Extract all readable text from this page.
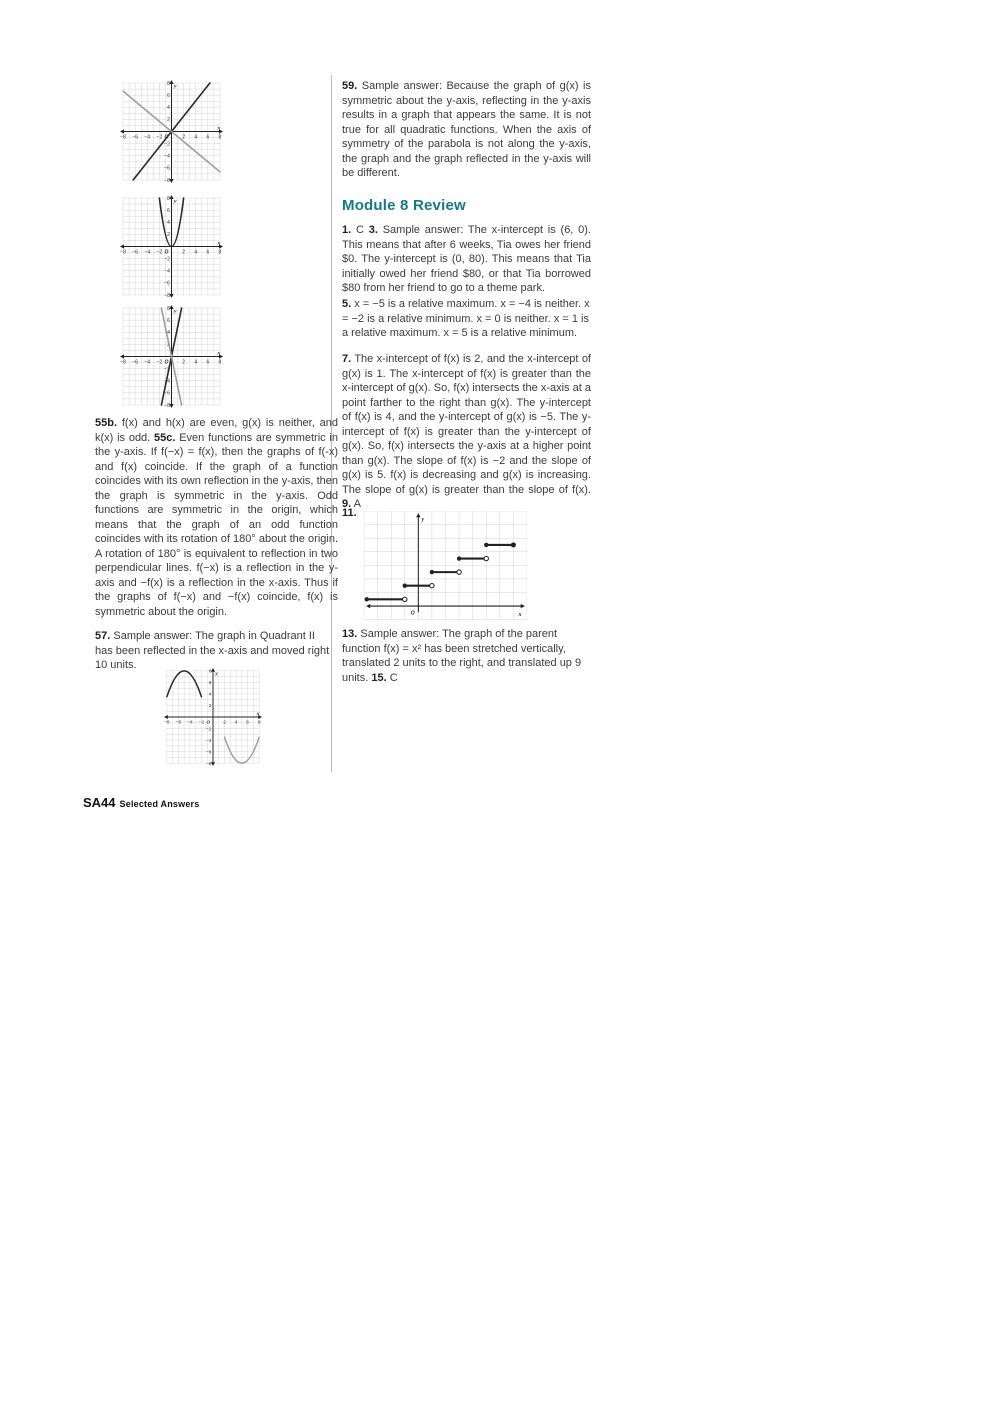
−8 −6 −4 −2	2 4 6 8
8
6
4
2
−2
−4
−6
−8
O
x
y
−8 −6 −4 −2	2 4 6 8
8
6
4
2
−2
−4
−6
−8
O
x
y
−8 −6 −4 −2	2 4 6 8
8
6
4
2
−2
−4
−6
−8
O
x
y

55b. f(x) and h(x) are even, g(x) is neither, and k(x) is odd. 55c. Even functions are symmetric in the y-axis. If f(−x) = f(x), then the graphs of f(-x) and f(x) coincide. If the graph of a function coincides with its own reflection in the y-axis, then the graph is symmetric in the y-axis. Odd functions are symmetric in the origin, which means that the graph of an odd function coincides with its rotation of 180° about the origin. A rotation of 180° is equivalent to reflection in two perpendicular lines. f(−x) is a reflection in the y-axis and −f(x) is a reflection in the x-axis. Thus if the graphs of f(−x) and −f(x) coincide, f(x) is symmetric about the origin.

57. Sample answer: The graph in Quadrant II has been reflected in the x-axis and moved right 10 units.

−8 −6 −4 −2	2 4 6 8
8
6
4
2
−2
−4
−6
−8
O
x
y
SA44 Selected Answers

59. Sample answer: Because the graph of g(x) is symmetric about the y-axis, reflecting in the y-axis results in a graph that appears the same. It is not true for all quadratic functions. When the axis of symmetry of the parabola is not along the y-axis, the graph and the graph reflected in the y-axis will be different.

Module 8 Review

1. C 3. Sample answer: The x-intercept is (6, 0). This means that after 6 weeks, Tia owes her friend $0. The y-intercept is (0, 80). This means that Tia initially owed her friend $80, or that Tia borrowed $80 from her friend to go to a theme park.

5. x = −5 is a relative maximum. x = −4 is neither. x = −2 is a relative minimum. x = 0 is neither. x = 1 is a relative maximum. x = 5 is a relative minimum.

7. The x-intercept of f(x) is 2, and the x-intercept of g(x) is 1. The x-intercept of f(x) is greater than the x-intercept of g(x). So, f(x) intersects the x-axis at a point farther to the right than g(x). The y-intercept of f(x) is 4, and the y-intercept of g(x) is −5. The y-intercept of f(x) is greater than the y-intercept of g(x). So, f(x) intersects the y-axis at a higher point than g(x). The slope of f(x) is −2 and the slope of g(x) is 5. f(x) is decreasing and g(x) is increasing. The slope of g(x) is greater than the slope of f(x). 9. A

11.
y
x
O

13. Sample answer: The graph of the parent function f(x) = x² has been stretched vertically, translated 2 units to the right, and translated up 9 units. 15. C
